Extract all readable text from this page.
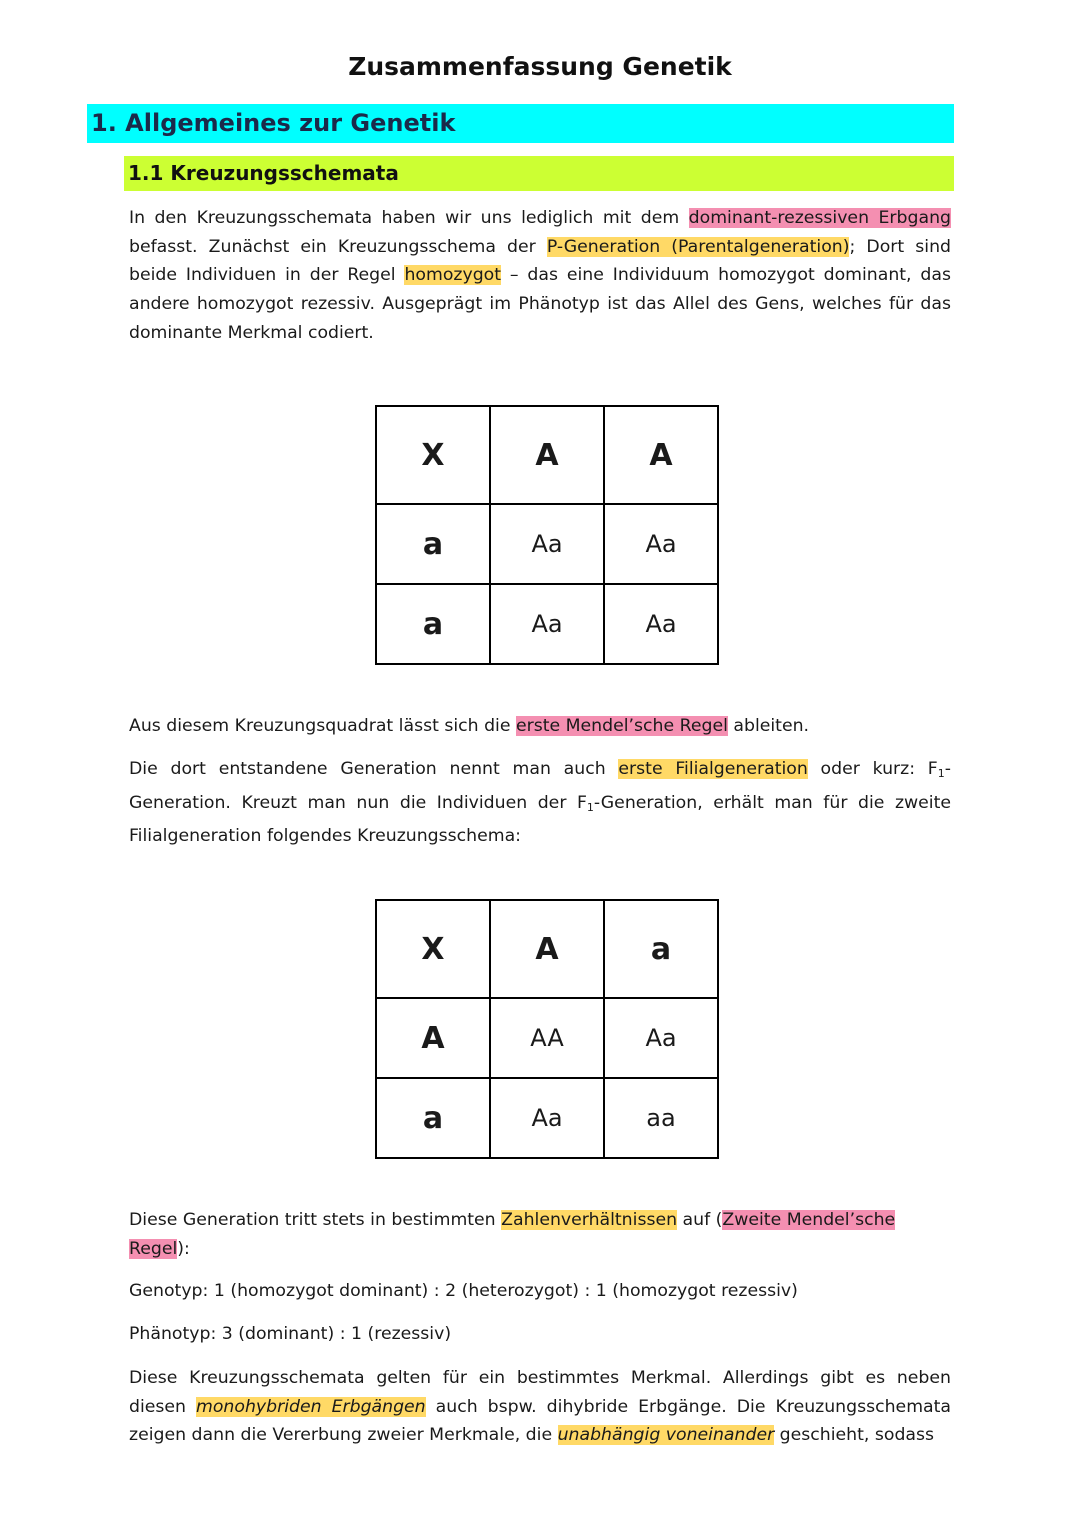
Zusammenfassung Genetik
1. Allgemeines zur Genetik
1.1 Kreuzungsschemata
In den Kreuzungsschemata haben wir uns lediglich mit dem dominant-rezessiven Erbgang befasst. Zunächst ein Kreuzungsschema der P-Generation (Parentalgeneration); Dort sind beide Individuen in der Regel homozygot – das eine Individuum homozygot dominant, das andere homozygot rezessiv. Ausgeprägt im Phänotyp ist das Allel des Gens, welches für das dominante Merkmal codiert.
X	A	A
a	Aa	Aa
a	Aa	Aa
Aus diesem Kreuzungsquadrat lässt sich die erste Mendel’sche Regel ableiten.
Die dort entstandene Generation nennt man auch erste Filialgeneration oder kurz: $F_1$-Generation. Kreuzt man nun die Individuen der $F_1$-Generation, erhält man für die zweite Filialgeneration folgendes Kreuzungsschema:
X	A	a
A	AA	Aa
a	Aa	aa
Diese Generation tritt stets in bestimmten Zahlenverhältnissen auf (Zweite Mendel’sche Regel):
Genotyp: 1 (homozygot dominant) : 2 (heterozygot) : 1 (homozygot rezessiv)
Phänotyp: 3 (dominant) : 1 (rezessiv)
Diese Kreuzungsschemata gelten für ein bestimmtes Merkmal. Allerdings gibt es neben diesen monohybriden Erbgängen auch bspw. dihybride Erbgänge. Die Kreuzungsschemata zeigen dann die Vererbung zweier Merkmale, die unabhängig voneinander geschieht, sodass
